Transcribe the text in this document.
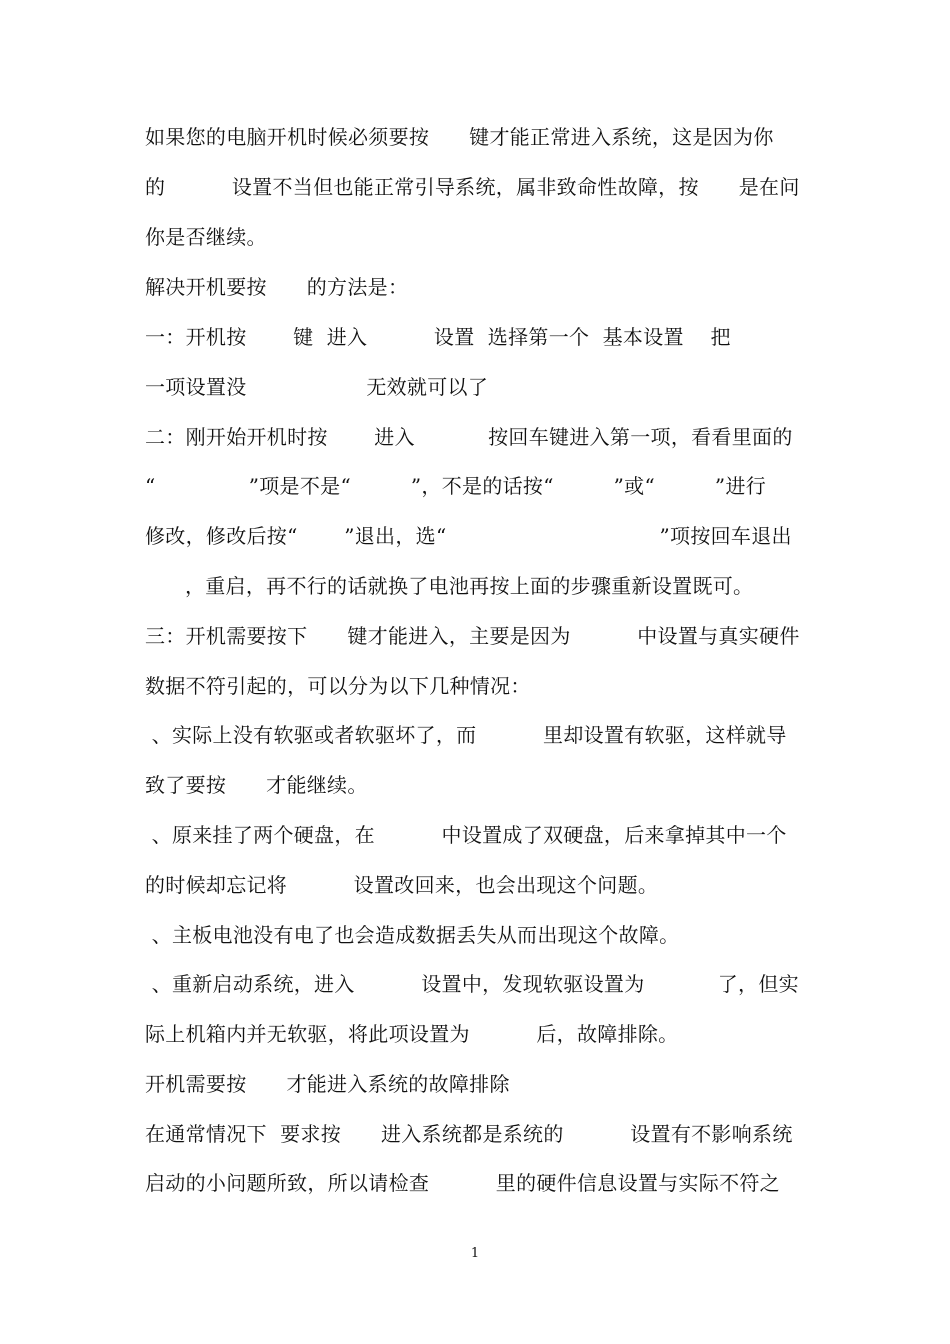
如果您的电脑开机时候必须要按      键才能正常进入系统，这是因为你
的          设置不当但也能正常引导系统，属非致命性故障，按      是在问
你是否继续。
解决开机要按      的方法是：
一：开机按       键  进入          设置  选择第一个  基本设置    把
一项设置没                  无效就可以了
二：刚开始开机时按       进入           按回车键进入第一项，看看里面的
“              ”项是不是“         ”，不是的话按“         ”或“         ”进行
修改，修改后按“       ”退出，选“                                ”项按回车退出
，重启，再不行的话就换了电池再按上面的步骤重新设置既可。
三：开机需要按下      键才能进入，主要是因为          中设置与真实硬件
数据不符引起的，可以分为以下几种情况：
、实际上没有软驱或者软驱坏了，而          里却设置有软驱，这样就导
致了要按      才能继续。
、原来挂了两个硬盘，在          中设置成了双硬盘，后来拿掉其中一个
的时候却忘记将          设置改回来，也会出现这个问题。
、主板电池没有电了也会造成数据丢失从而出现这个故障。
、重新启动系统，进入          设置中，发现软驱设置为           了，但实
际上机箱内并无软驱，将此项设置为          后，故障排除。
开机需要按      才能进入系统的故障排除
在通常情况下  要求按      进入系统都是系统的          设置有不影响系统
启动的小问题所致，所以请检查          里的硬件信息设置与实际不符之
1
